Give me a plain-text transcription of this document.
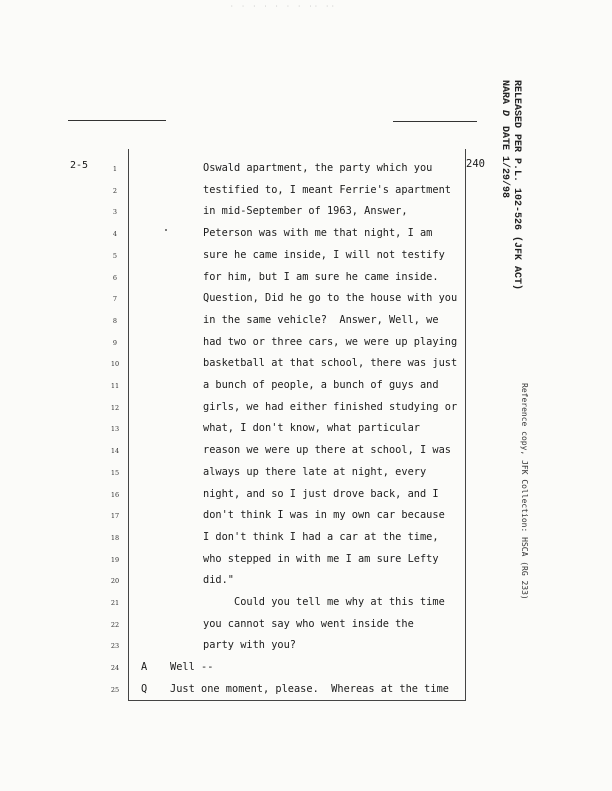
· · · · · · · ·· ··
2-5	240	RELEASED PER P.L. 102-526 (JFK ACT)
NARA DDATE 1/29/98
Reference copy, JFK Collection: HSCA (RG 233)
1	Oswald apartment, the party which you
2	testified to, I meant Ferrie's apartment
3	in mid-September of 1963, Answer,
4	Peterson was with me that night, I am
5	sure he came inside, I will not testify
6	for him, but I am sure he came inside.
7	Question, Did he go to the house with you
8	in the same vehicle?  Answer, Well, we
9	had two or three cars, we were up playing
10	basketball at that school, there was just
11	a bunch of people, a bunch of guys and
12	girls, we had either finished studying or
13	what, I don't know, what particular
14	reason we were up there at school, I was
15	always up there late at night, every
16	night, and so I just drove back, and I
17	don't think I was in my own car because
18	I don't think I had a car at the time,
19	who stepped in with me I am sure Lefty
20	did."
21	Could you tell me why at this time
22	you cannot say who went inside the
23	party with you?
24 A Well --
25 Q Just one moment, please.  Whereas at the time
